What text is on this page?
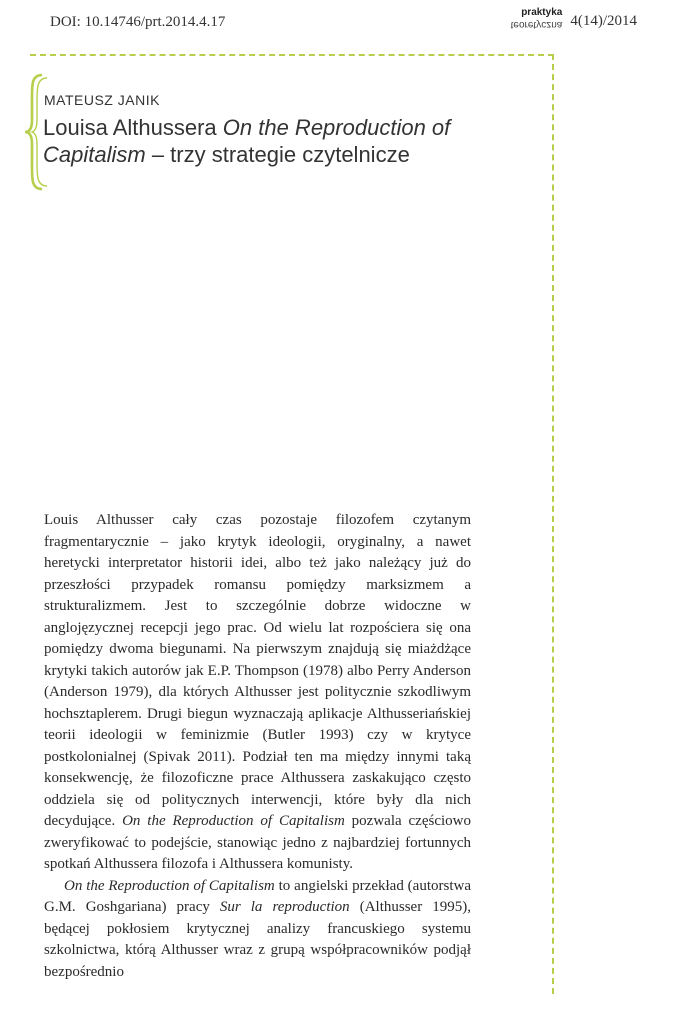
DOI: 10.14746/prt.2014.4.17
praktyka
teoretyczna 4(14)/2014
MATEUSZ JANIK
Louisa Althussera On the Reproduction of Capitalism – trzy strategie czytelnicze

Louis Althusser cały czas pozostaje filozofem czytanym fragmentarycznie – jako krytyk ideologii, oryginalny, a nawet heretycki interpretator historii idei, albo też jako należący już do przeszłości przypadek romansu pomiędzy marksizmem a strukturalizmem. Jest to szczególnie dobrze widoczne w anglojęzycznej recepcji jego prac. Od wielu lat rozpościera się ona pomiędzy dwoma biegunami. Na pierwszym znajdują się miażdżące krytyki takich autorów jak E.P. Thompson (1978) albo Perry Anderson (Anderson 1979), dla których Althusser jest politycznie szkodliwym hochsztaplerem. Drugi biegun wyznaczają aplikacje Althusseriańskiej teorii ideologii w feminizmie (Butler 1993) czy w krytyce postkolonialnej (Spivak 2011). Podział ten ma między innymi taką konsekwencję, że filozoficzne prace Althussera zaskakująco często oddziela się od politycznych interwencji, które były dla nich decydujące. On the Reproduction of Capitalism pozwala częściowo zweryfikować to podejście, stanowiąc jedno z najbardziej fortunnych spotkań Althussera filozofa i Althussera komunisty.

On the Reproduction of Capitalism to angielski przekład (autorstwa G.M. Goshgariana) pracy Sur la reproduction (Althusser 1995), będącej pokłosiem krytycznej analizy francuskiego systemu szkolnictwa, którą Althusser wraz z grupą współpracowników podjął bezpośrednio
